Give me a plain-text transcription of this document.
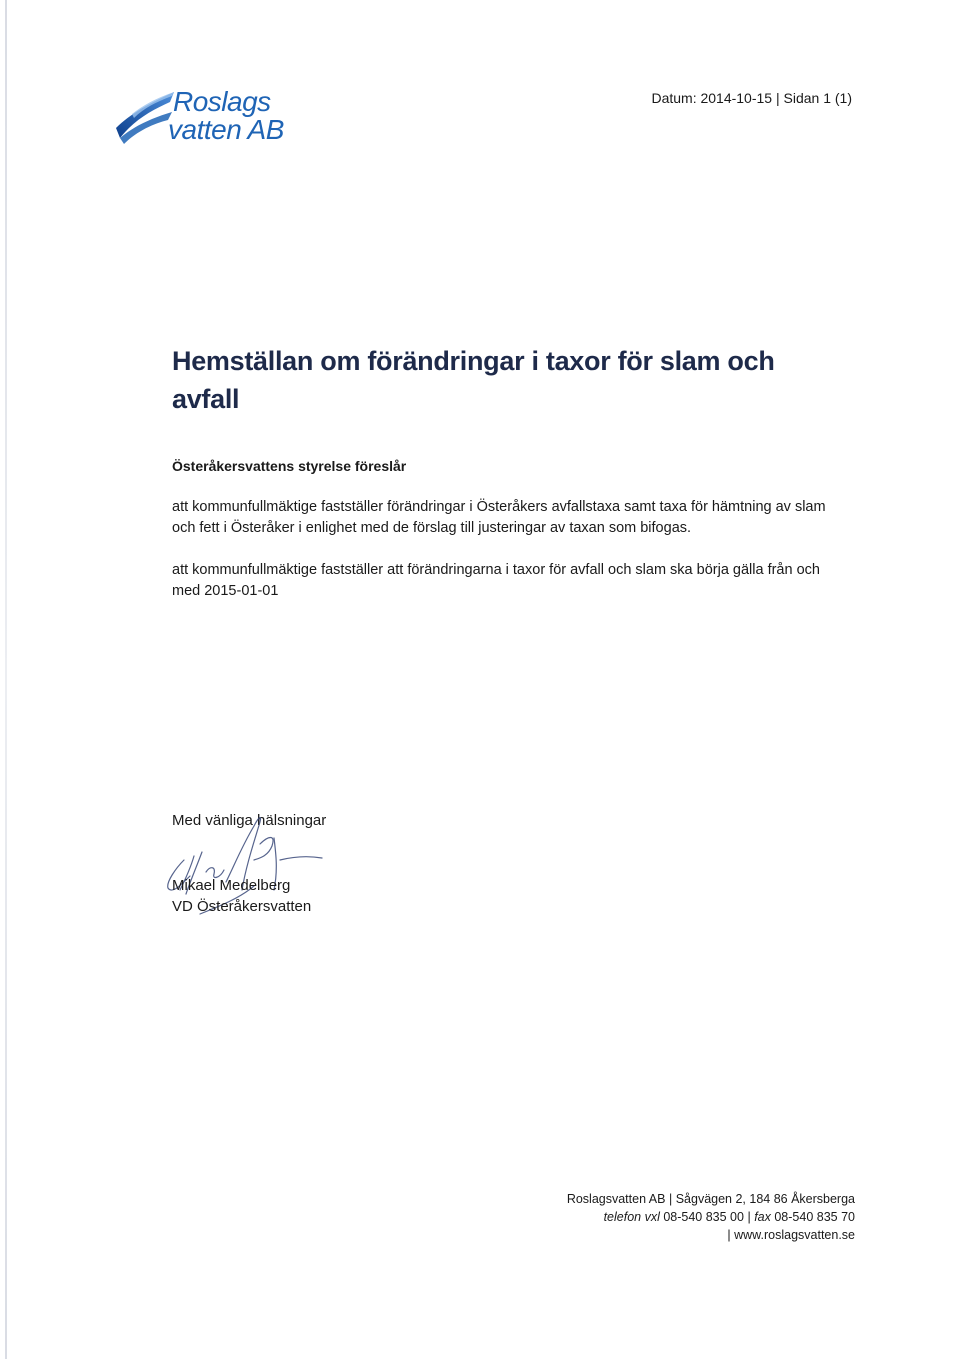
Roslags
vatten AB
Datum: 2014-10-15 | Sidan 1 (1)
Hemställan om förändringar i taxor för slam och avfall
Österåkersvattens styrelse föreslår
att kommunfullmäktige fastställer förändringar i Österåkers avfallstaxa samt taxa för hämtning av slam och fett i Österåker i enlighet med de förslag till justeringar av taxan som bifogas.
att kommunfullmäktige fastställer att förändringarna i taxor för avfall och slam ska börja gälla från och med 2015-01-01
Med vänliga hälsningar
Mikael Medelberg
VD Österåkersvatten
Roslagsvatten AB | Sågvägen 2, 184 86 Åkersberga
telefon vxl 08-540 835 00 | fax 08-540 835 70
| www.roslagsvatten.se
